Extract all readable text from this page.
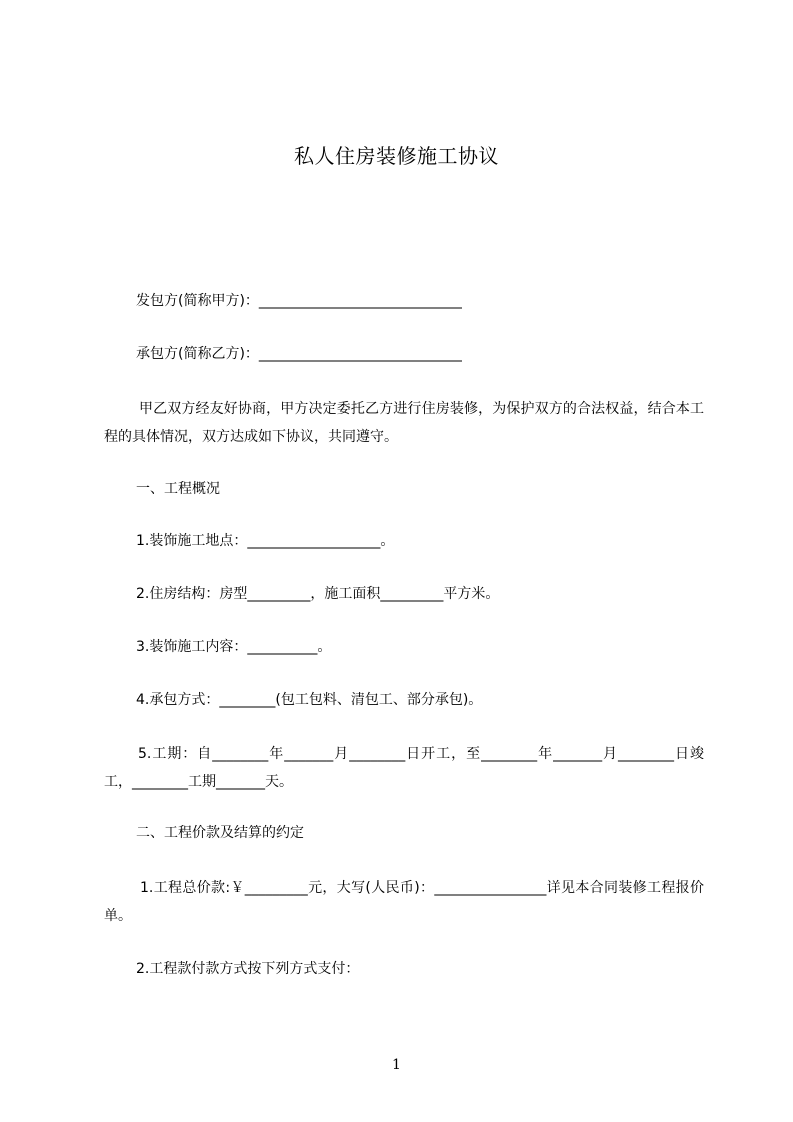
私人住房装修施工协议
发包方(简称甲方)：_____________________________
承包方(简称乙方)：_____________________________
甲乙双方经友好协商，甲方决定委托乙方进行住房装修，为保护双方的合法权益，结合本工程的具体情况，双方达成如下协议，共同遵守。
一、工程概况
1.装饰施工地点：___________________。
2.住房结构：房型_________，施工面积_________平方米。
3.装饰施工内容：__________。
4.承包方式：________(包工包料、清包工、部分承包)。
5.工期：自________年_______月________日开工，至________年_______月________日竣工，________工期_______天。
二、工程价款及结算的约定
1.工程总价款:￥_________元，大写(人民币)：________________详见本合同装修工程报价单。
2.工程款付款方式按下列方式支付：
1
